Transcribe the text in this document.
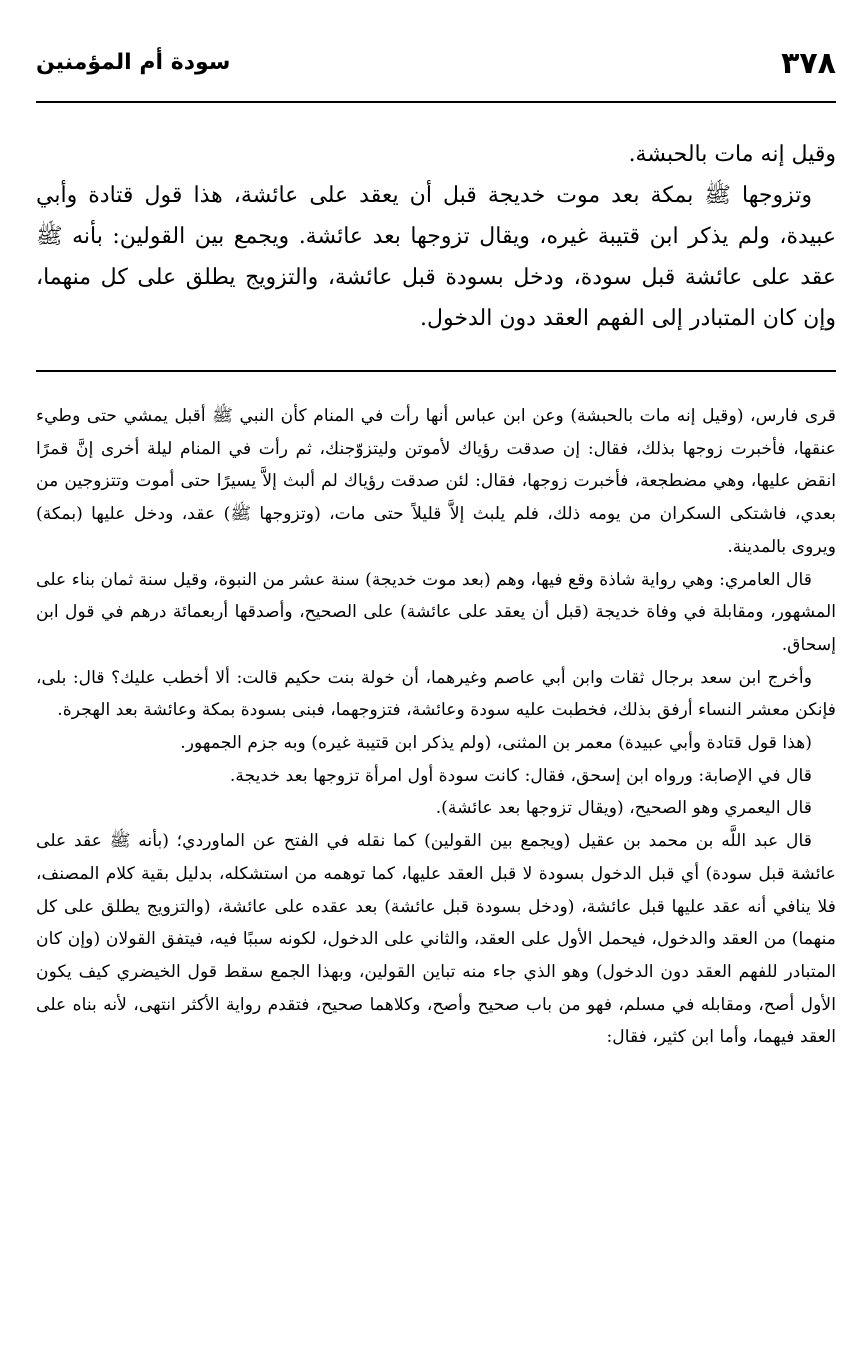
٣٧٨
سودة أم المؤمنين

وقيل إنه مات بالحبشة.

وتزوجها ﷺ بمكة بعد موت خديجة قبل أن يعقد على عائشة، هذا قول قتادة وأبي عبيدة، ولم يذكر ابن قتيبة غيره، ويقال تزوجها بعد عائشة. ويجمع بين القولين: بأنه ﷺ عقد على عائشة قبل سودة، ودخل بسودة قبل عائشة، والتزويج يطلق على كل منهما، وإن كان المتبادر إلى الفهم العقد دون الدخول.

قرى فارس، (وقيل إنه مات بالحبشة) وعن ابن عباس أنها رأت في المنام كأن النبي ﷺ أقبل يمشي حتى وطيء عنقها، فأخبرت زوجها بذلك، فقال: إن صدقت رؤياك لأموتن وليتزوّجنك، ثم رأت في المنام ليلة أخرى إنَّ قمرًا انقض عليها، وهي مضطجعة، فأخبرت زوجها، فقال: لئن صدقت رؤياك لم ألبث إلاَّ يسيرًا حتى أموت وتتزوجين من بعدي، فاشتكى السكران من يومه ذلك، فلم يلبث إلاَّ قليلاً حتى مات، (وتزوجها ﷺ) عقد، ودخل عليها (بمكة) ويروى بالمدينة.

قال العامري: وهي رواية شاذة وقع فيها، وهم (بعد موت خديجة) سنة عشر من النبوة، وقيل سنة ثمان بناء على المشهور، ومقابلة في وفاة خديجة (قبل أن يعقد على عائشة) على الصحيح، وأصدقها أربعمائة درهم في قول ابن إسحاق.

وأخرج ابن سعد برجال ثقات وابن أبي عاصم وغيرهما، أن خولة بنت حكيم قالت: ألا أخطب عليك؟ قال: بلى، فإنكن معشر النساء أرفق بذلك، فخطبت عليه سودة وعائشة، فتزوجهما، فبنى بسودة بمكة وعائشة بعد الهجرة.

(هذا قول قتادة وأبي عبيدة) معمر بن المثنى، (ولم يذكر ابن قتيبة غيره) وبه جزم الجمهور.

قال في الإصابة: ورواه ابن إسحق، فقال: كانت سودة أول امرأة تزوجها بعد خديجة.

قال اليعمري وهو الصحيح، (ويقال تزوجها بعد عائشة).

قال عبد اللَّه بن محمد بن عقيل (ويجمع بين القولين) كما نقله في الفتح عن الماوردي؛ (بأنه ﷺ عقد على عائشة قبل سودة) أي قبل الدخول بسودة لا قبل العقد عليها، كما توهمه من استشكله، بدليل بقية كلام المصنف، فلا ينافي أنه عقد عليها قبل عائشة، (ودخل بسودة قبل عائشة) بعد عقده على عائشة، (والتزويج يطلق على كل منهما) من العقد والدخول، فيحمل الأول على العقد، والثاني على الدخول، لكونه سببًا فيه، فيتفق القولان (وإن كان المتبادر للفهم العقد دون الدخول) وهو الذي جاء منه تباين القولين، وبهذا الجمع سقط قول الخيضري كيف يكون الأول أصح، ومقابله في مسلم، فهو من باب صحيح وأصح، وكلاهما صحيح، فتقدم رواية الأكثر انتهى، لأنه بناه على العقد فيهما، وأما ابن كثير، فقال:
